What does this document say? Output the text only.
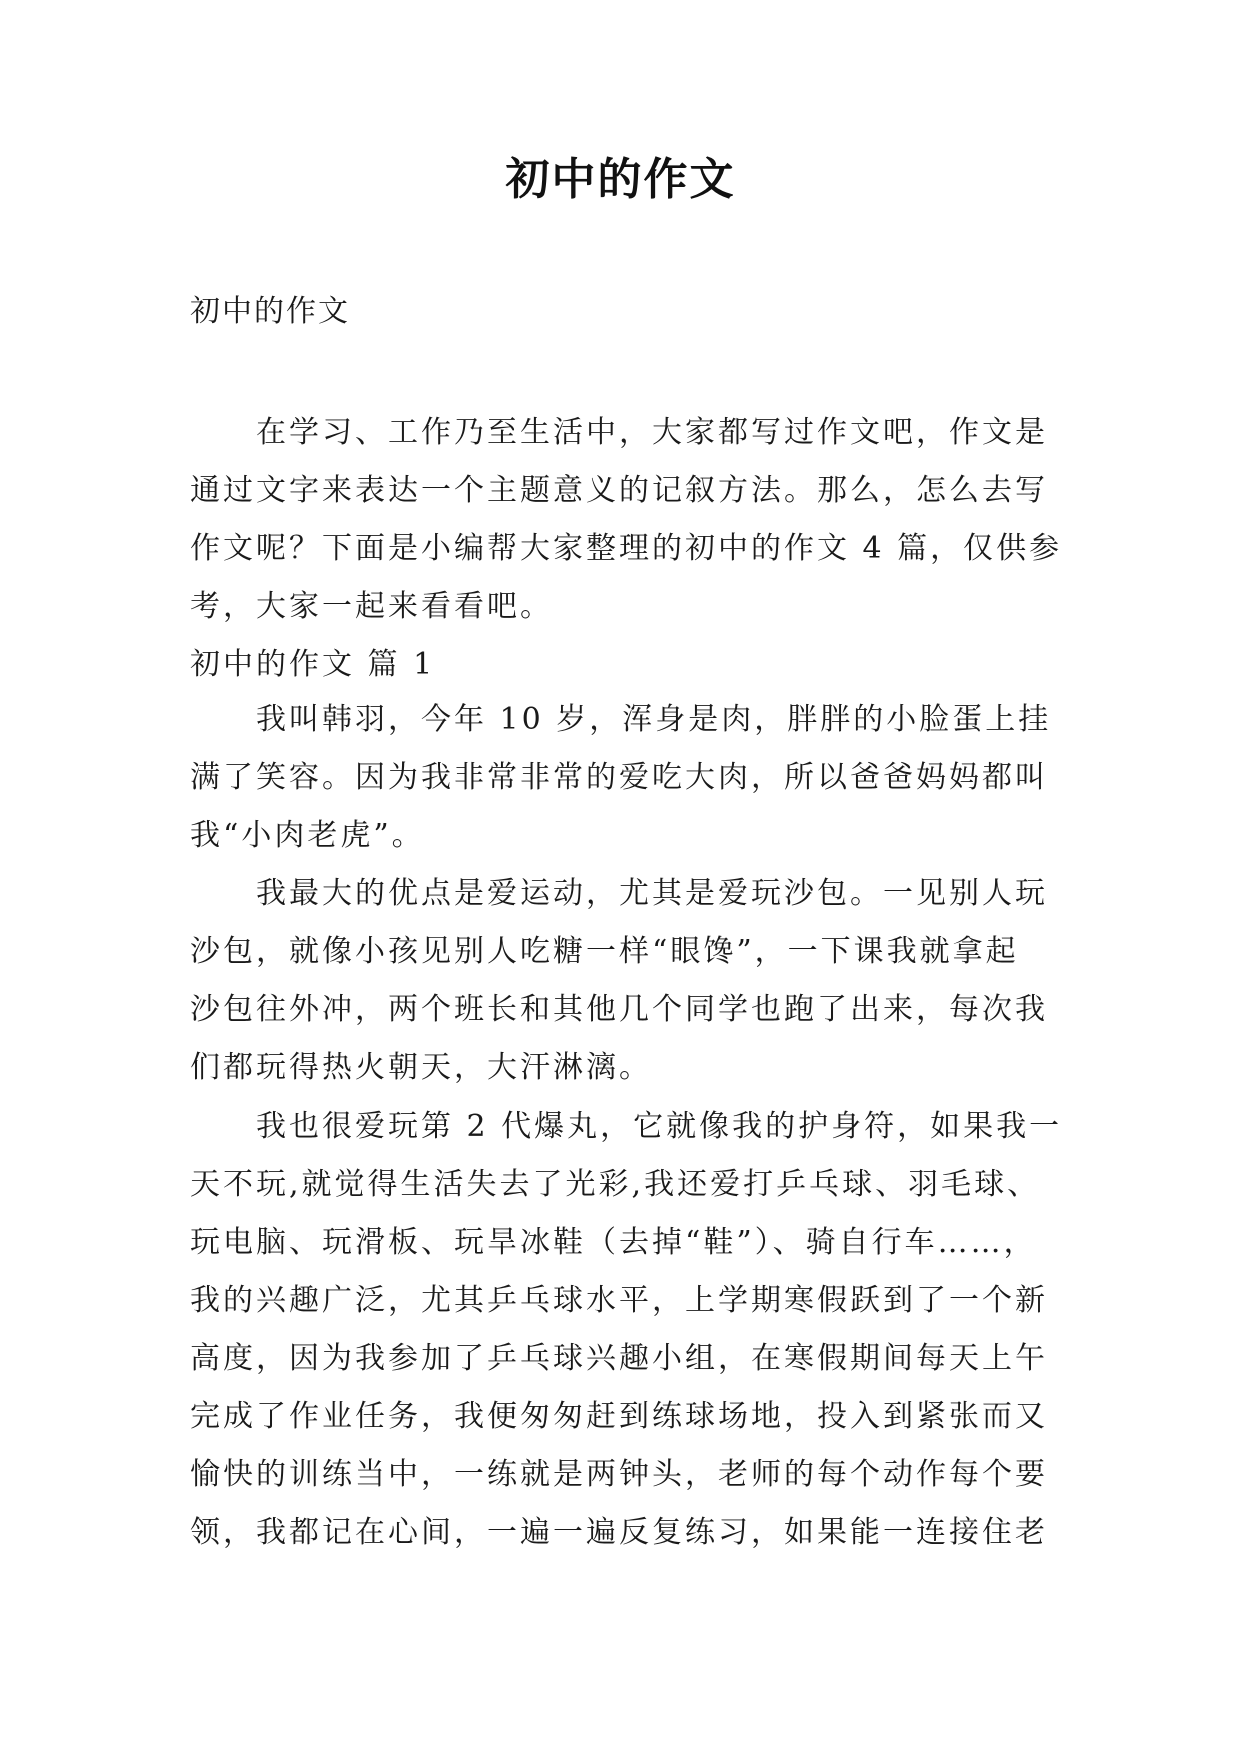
初中的作文
初中的作文
　　在学习、工作乃至生活中，大家都写过作文吧，作文是
通过文字来表达一个主题意义的记叙方法。那么，怎么去写
作文呢？下面是小编帮大家整理的初中的作文 4 篇，仅供参
考，大家一起来看看吧。
初中的作文 篇 1
　　我叫韩羽，今年 10 岁，浑身是肉，胖胖的小脸蛋上挂
满了笑容。因为我非常非常的爱吃大肉，所以爸爸妈妈都叫
我“小肉老虎”。
　　我最大的优点是爱运动，尤其是爱玩沙包。一见别人玩
沙包，就像小孩见别人吃糖一样“眼馋”，一下课我就拿起
沙包往外冲，两个班长和其他几个同学也跑了出来，每次我
们都玩得热火朝天，大汗淋漓。
　　我也很爱玩第 2 代爆丸，它就像我的护身符，如果我一
天不玩,就觉得生活失去了光彩,我还爱打乒乓球、羽毛球、
玩电脑、玩滑板、玩旱冰鞋（去掉“鞋”）、骑自行车……，
我的兴趣广泛，尤其乒乓球水平，上学期寒假跃到了一个新
高度，因为我参加了乒乓球兴趣小组，在寒假期间每天上午
完成了作业任务，我便匆匆赶到练球场地，投入到紧张而又
愉快的训练当中，一练就是两钟头，老师的每个动作每个要
领，我都记在心间，一遍一遍反复练习，如果能一连接住老
